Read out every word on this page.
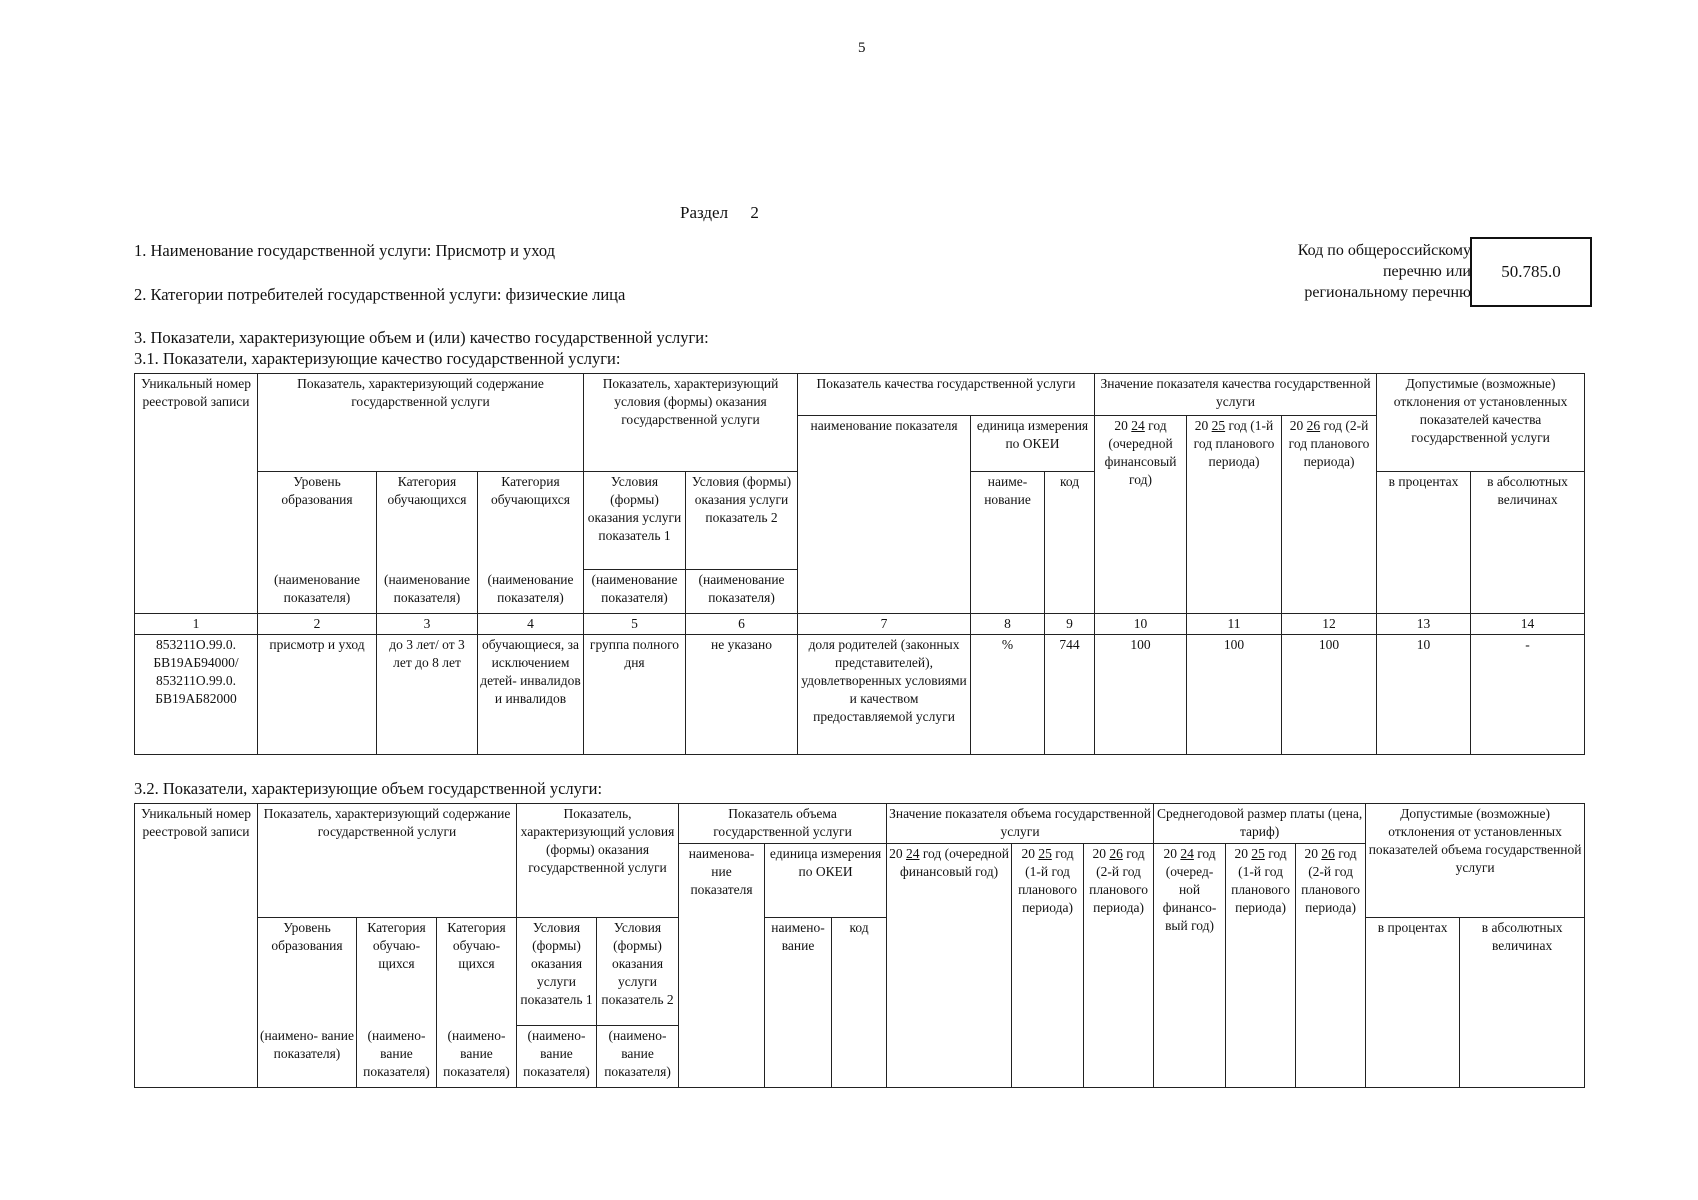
5
Раздел 2
1. Наименование государственной услуги: Присмотр и уход
2. Категории потребителей государственной услуги: физические лица
3. Показатели, характеризующие объем и (или) качество государственной услуги:
3.1. Показатели, характеризующие качество государственной услуги:
Код по общероссийскому
перечню или
региональному перечню
50.785.0
Уникальный номер реестровой записи	Показатель, характеризующий содержание государственной услуги			Показатель, характеризующий условия (формы) оказания государственной услуги		Показатель качества государственной услуги			Значение показателя качества государственной услуги			Допустимые (возможные) отклонения от установленных показателей качества государственной услуги	
						наименование показателя	единица измерения по ОКЕИ		20 24 год (очередной финансовый год)	20 25 год (1-й год планового периода)	20 26 год (2-й год планового периода)		
	Уровень образования	Категория обучающихся	Категория обучающихся	Условия (формы) оказания услуги показатель 1	Условия (формы) оказания услуги показатель 2		наиме- нование	код				в процентах	в абсолютных величинах
	(наименование показателя)	(наименование показателя)	(наименование показателя)	(наименование показателя)	(наименование показателя)								
1	2	3	4	5	6	7	8	9	10	11	12	13	14
853211О.99.0. БВ19АБ94000/ 853211О.99.0. БВ19АБ82000	присмотр и уход	до 3 лет/ от 3 лет до 8 лет	обучающиеся, за исключением детей- инвалидов и инвалидов	группа полного дня	не указано	доля родителей (законных представителей), удовлетворенных условиями и качеством предоставляемой услуги	%	744	100	100	100	10	-
3.2. Показатели, характеризующие объем государственной услуги:
Уникальный номер реестровой записи	Показатель, характеризующий содержание государственной услуги			Показатель, характеризующий условия (формы) оказания государственной услуги		Показатель объема государственной услуги			Значение показателя объема государственной услуги			Среднегодовой размер платы (цена, тариф)			Допустимые (возможные) отклонения от установленных показателей объема государственной услуги	
						наименова- ние показателя	единица измерения по ОКЕИ		20 24 год (очередной финансовый год)	20 25 год (1-й год планового периода)	20 26 год (2-й год планового периода)	20 24 год (очеред- ной финансо- вый год)	20 25 год (1-й год планового периода)	20 26 год (2-й год планового периода)		
	Уровень образования	Категория обучаю- щихся	Категория обучаю- щихся	Условия (формы) оказания услуги показатель 1	Условия (формы) оказания услуги показатель 2		наимено- вание	код							в процентах	в абсолютных величинах
	(наимено- вание показателя)	(наимено- вание показателя)	(наимено- вание показателя)	(наимено- вание показателя)	(наимено- вание показателя)											
